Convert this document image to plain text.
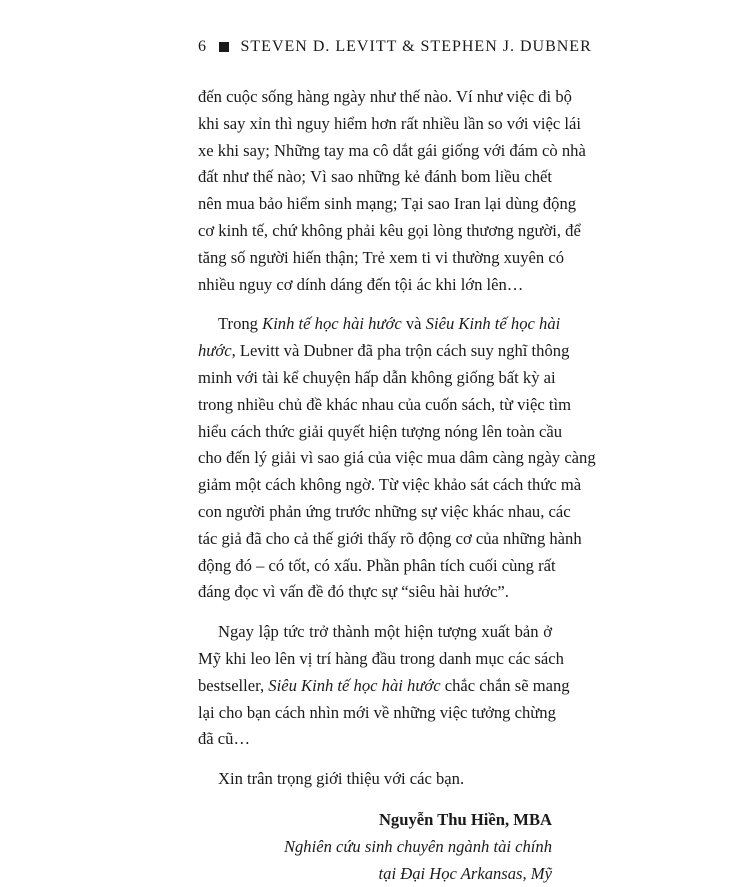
6 STEVEN D. LEVITT & STEPHEN J. DUBNER
đến cuộc sống hàng ngày như thế nào. Ví như việc đi bộ
khi say xỉn thì nguy hiểm hơn rất nhiều lần so với việc lái
xe khi say; Những tay ma cô dắt gái giống với đám cò nhà
đất như thế nào; Vì sao những kẻ đánh bom liều chết
nên mua bảo hiểm sinh mạng; Tại sao Iran lại dùng động
cơ kinh tế, chứ không phải kêu gọi lòng thương người, để
tăng số người hiến thận; Trẻ xem ti vi thường xuyên có
nhiều nguy cơ dính dáng đến tội ác khi lớn lên…
Trong Kinh tế học hài hước và Siêu Kinh tế học hài
hước, Levitt và Dubner đã pha trộn cách suy nghĩ thông
minh với tài kể chuyện hấp dẫn không giống bất kỳ ai
trong nhiều chủ đề khác nhau của cuốn sách, từ việc tìm
hiểu cách thức giải quyết hiện tượng nóng lên toàn cầu
cho đến lý giải vì sao giá của việc mua dâm càng ngày càng
giảm một cách không ngờ. Từ việc khảo sát cách thức mà
con người phản ứng trước những sự việc khác nhau, các
tác giả đã cho cả thế giới thấy rõ động cơ của những hành
động đó – có tốt, có xấu. Phần phân tích cuối cùng rất
đáng đọc vì vấn đề đó thực sự “siêu hài hước”.
Ngay lập tức trở thành một hiện tượng xuất bản ở
Mỹ khi leo lên vị trí hàng đầu trong danh mục các sách
bestseller, Siêu Kinh tế học hài hước chắc chắn sẽ mang
lại cho bạn cách nhìn mới về những việc tưởng chừng
đã cũ…
Xin trân trọng giới thiệu với các bạn.
Nguyễn Thu Hiền, MBA
Nghiên cứu sinh chuyên ngành tài chính
tại Đại Học Arkansas, Mỹ
